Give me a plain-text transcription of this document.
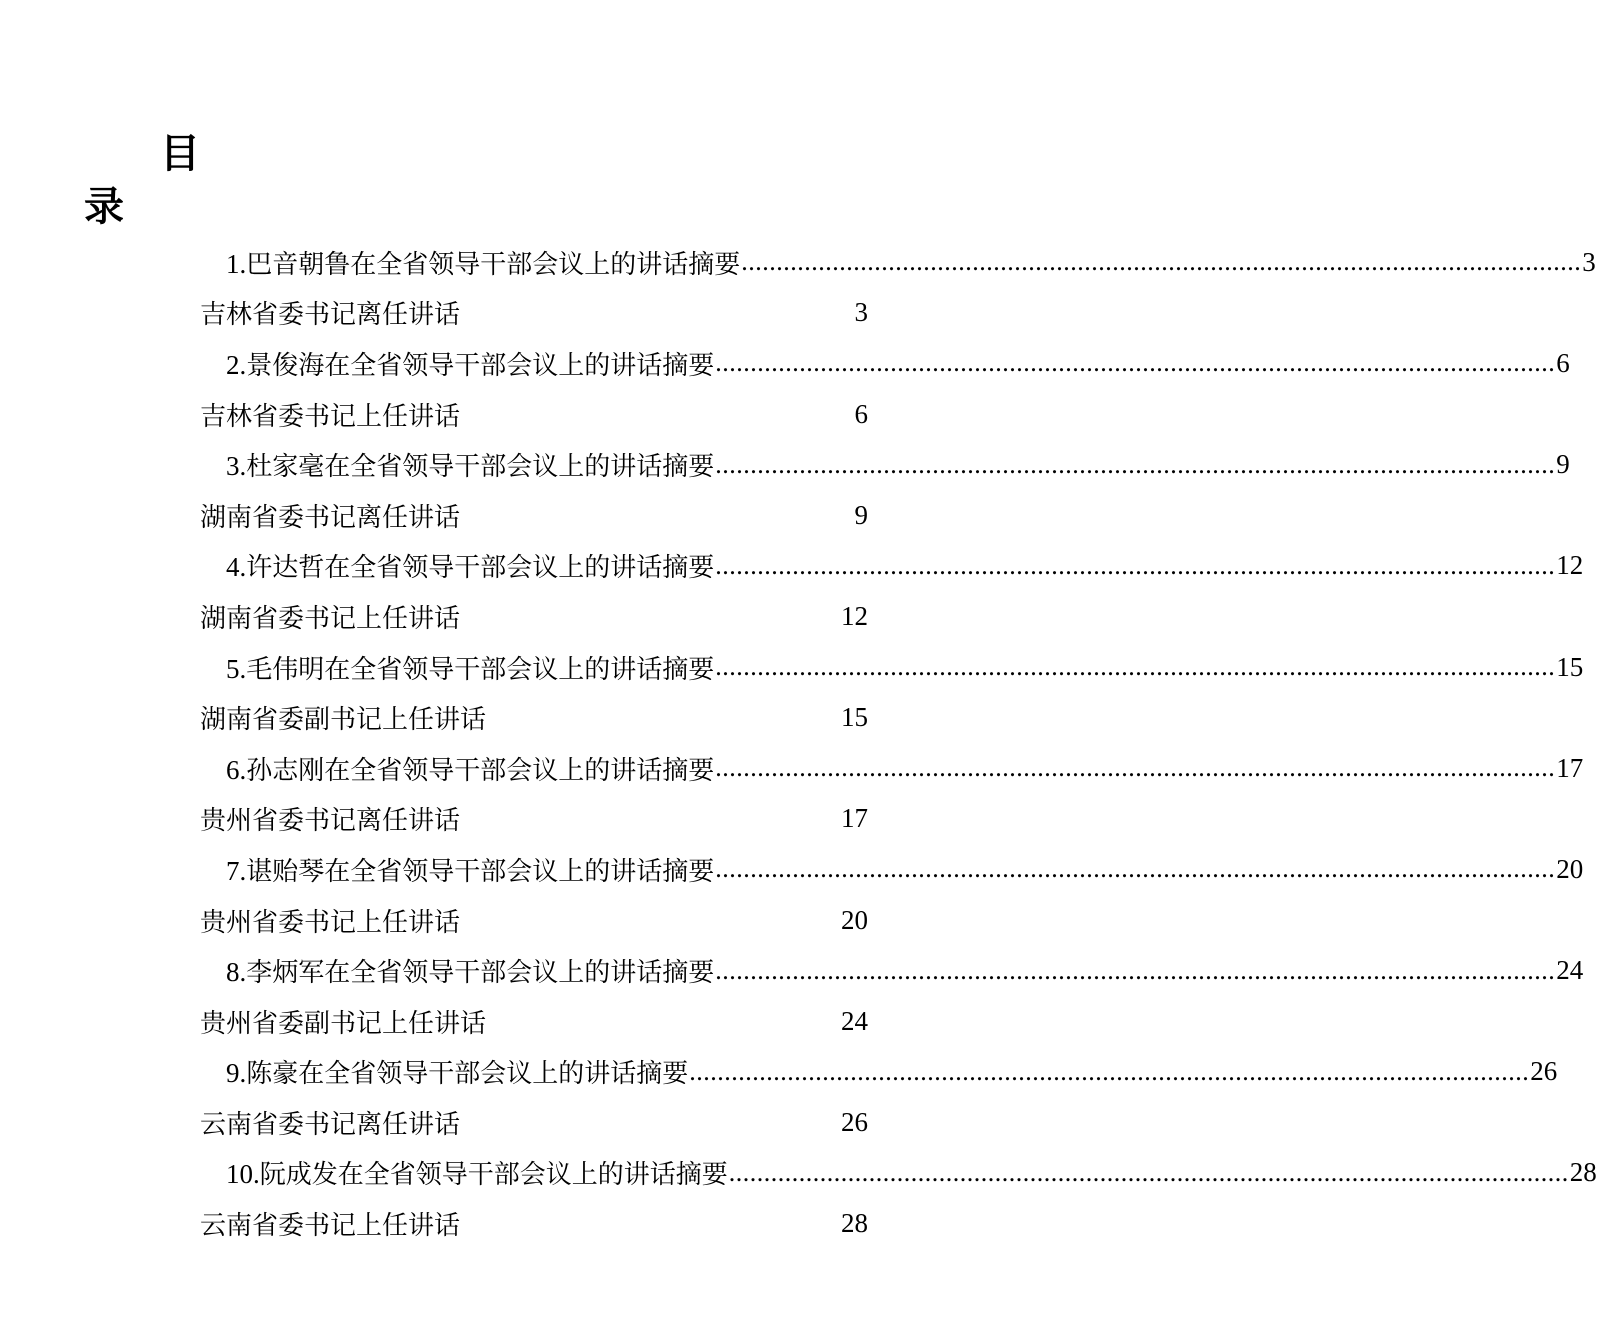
目
录
1.巴音朝鲁在全省领导干部会议上的讲话摘要 ........................................................................................................................ 3
吉林省委书记离任讲话	3
2.景俊海在全省领导干部会议上的讲话摘要 ........................................................................................................................ 6
吉林省委书记上任讲话	6
3.杜家毫在全省领导干部会议上的讲话摘要 ........................................................................................................................ 9
湖南省委书记离任讲话	9
4.许达哲在全省领导干部会议上的讲话摘要 ........................................................................................................................ 12
湖南省委书记上任讲话	12
5.毛伟明在全省领导干部会议上的讲话摘要 ........................................................................................................................ 15
湖南省委副书记上任讲话	15
6.孙志刚在全省领导干部会议上的讲话摘要 ........................................................................................................................ 17
贵州省委书记离任讲话	17
7.谌贻琴在全省领导干部会议上的讲话摘要 ........................................................................................................................ 20
贵州省委书记上任讲话	20
8.李炳军在全省领导干部会议上的讲话摘要 ........................................................................................................................ 24
贵州省委副书记上任讲话	24
9.陈豪在全省领导干部会议上的讲话摘要 ........................................................................................................................ 26
云南省委书记离任讲话	26
10.阮成发在全省领导干部会议上的讲话摘要 ........................................................................................................................ 28
云南省委书记上任讲话	28
